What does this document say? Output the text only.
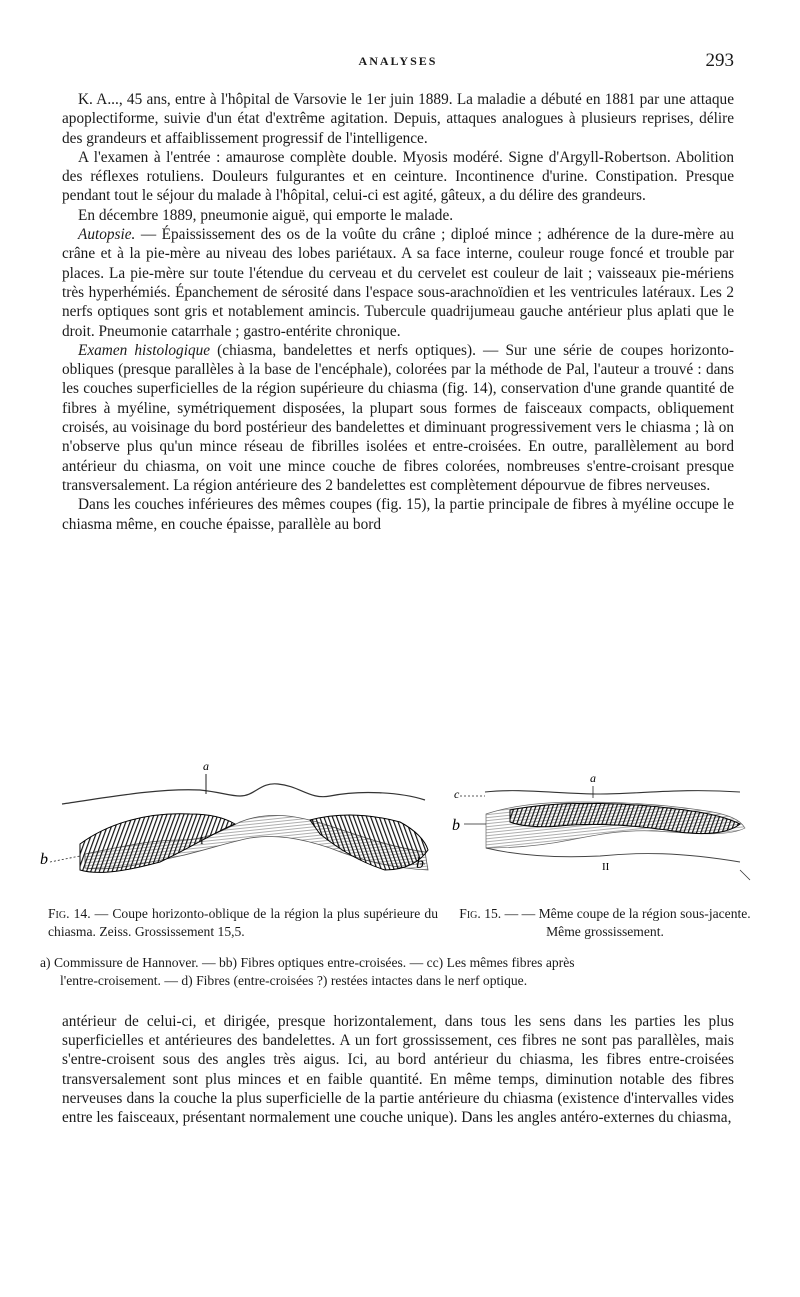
ANALYSES	293

K. A..., 45 ans, entre à l'hôpital de Varsovie le 1er juin 1889. La maladie a débuté en 1881 par une attaque apoplectiforme, suivie d'un état d'extrême agitation. Depuis, attaques analogues à plusieurs reprises, délire des grandeurs et affaiblissement progressif de l'intelligence.

A l'examen à l'entrée : amaurose complète double. Myosis modéré. Signe d'Argyll-Robertson. Abolition des réflexes rotuliens. Douleurs fulgurantes et en ceinture. Incontinence d'urine. Constipation. Presque pendant tout le séjour du malade à l'hôpital, celui-ci est agité, gâteux, a du délire des grandeurs.

En décembre 1889, pneumonie aiguë, qui emporte le malade.

Autopsie. — Épaississement des os de la voûte du crâne ; diploé mince ; adhérence de la dure-mère au crâne et à la pie-mère au niveau des lobes pariétaux. A sa face interne, couleur rouge foncé et trouble par places. La pie-mère sur toute l'étendue du cerveau et du cervelet est couleur de lait ; vaisseaux pie-mériens très hyperhémiés. Épanchement de sérosité dans l'espace sous-arachnoïdien et les ventricules latéraux. Les 2 nerfs optiques sont gris et notablement amincis. Tubercule quadrijumeau gauche antérieur plus aplati que le droit. Pneumonie catarrhale ; gastro-entérite chronique.

Examen histologique (chiasma, bandelettes et nerfs optiques). — Sur une série de coupes horizonto-obliques (presque parallèles à la base de l'encéphale), colorées par la méthode de Pal, l'auteur a trouvé : dans les couches superficielles de la région supérieure du chiasma (fig. 14), conservation d'une grande quantité de fibres à myéline, symétriquement disposées, la plupart sous formes de faisceaux compacts, obliquement croisés, au voisinage du bord postérieur des bandelettes et diminuant progressivement vers le chiasma ; là on n'observe plus qu'un mince réseau de fibrilles isolées et entre-croisées. En outre, parallèlement au bord antérieur du chiasma, on voit une mince couche de fibres colorées, nombreuses s'entre-croisant presque transversalement. La région antérieure des 2 bandelettes est complètement dépourvue de fibres nerveuses.

Dans les couches inférieures des mêmes coupes (fig. 15), la partie principale de fibres à myéline occupe le chiasma même, en couche épaisse, parallèle au bord

a
I
b	b
a
c
b
II
Fig. 14. — Coupe horizonto-oblique de la région la plus supérieure du chiasma. Zeiss. Grossissement 15,5.
Fig. 15. — — Même coupe de la région sous-jacente. Même grossissement.
a) Commissure de Hannover. — bb) Fibres optiques entre-croisées. — cc) Les mêmes fibres après
l'entre-croisement. — d) Fibres (entre-croisées ?) restées intactes dans le nerf optique.

antérieur de celui-ci, et dirigée, presque horizontalement, dans tous les sens dans les parties les plus superficielles et antérieures des bandelettes. A un fort grossissement, ces fibres ne sont pas parallèles, mais s'entre-croisent sous des angles très aigus. Ici, au bord antérieur du chiasma, les fibres entre-croisées transversalement sont plus minces et en faible quantité. En même temps, diminution notable des fibres nerveuses dans la couche la plus superficielle de la partie antérieure du chiasma (existence d'intervalles vides entre les faisceaux, présentant normalement une couche unique). Dans les angles antéro-externes du chiasma,
